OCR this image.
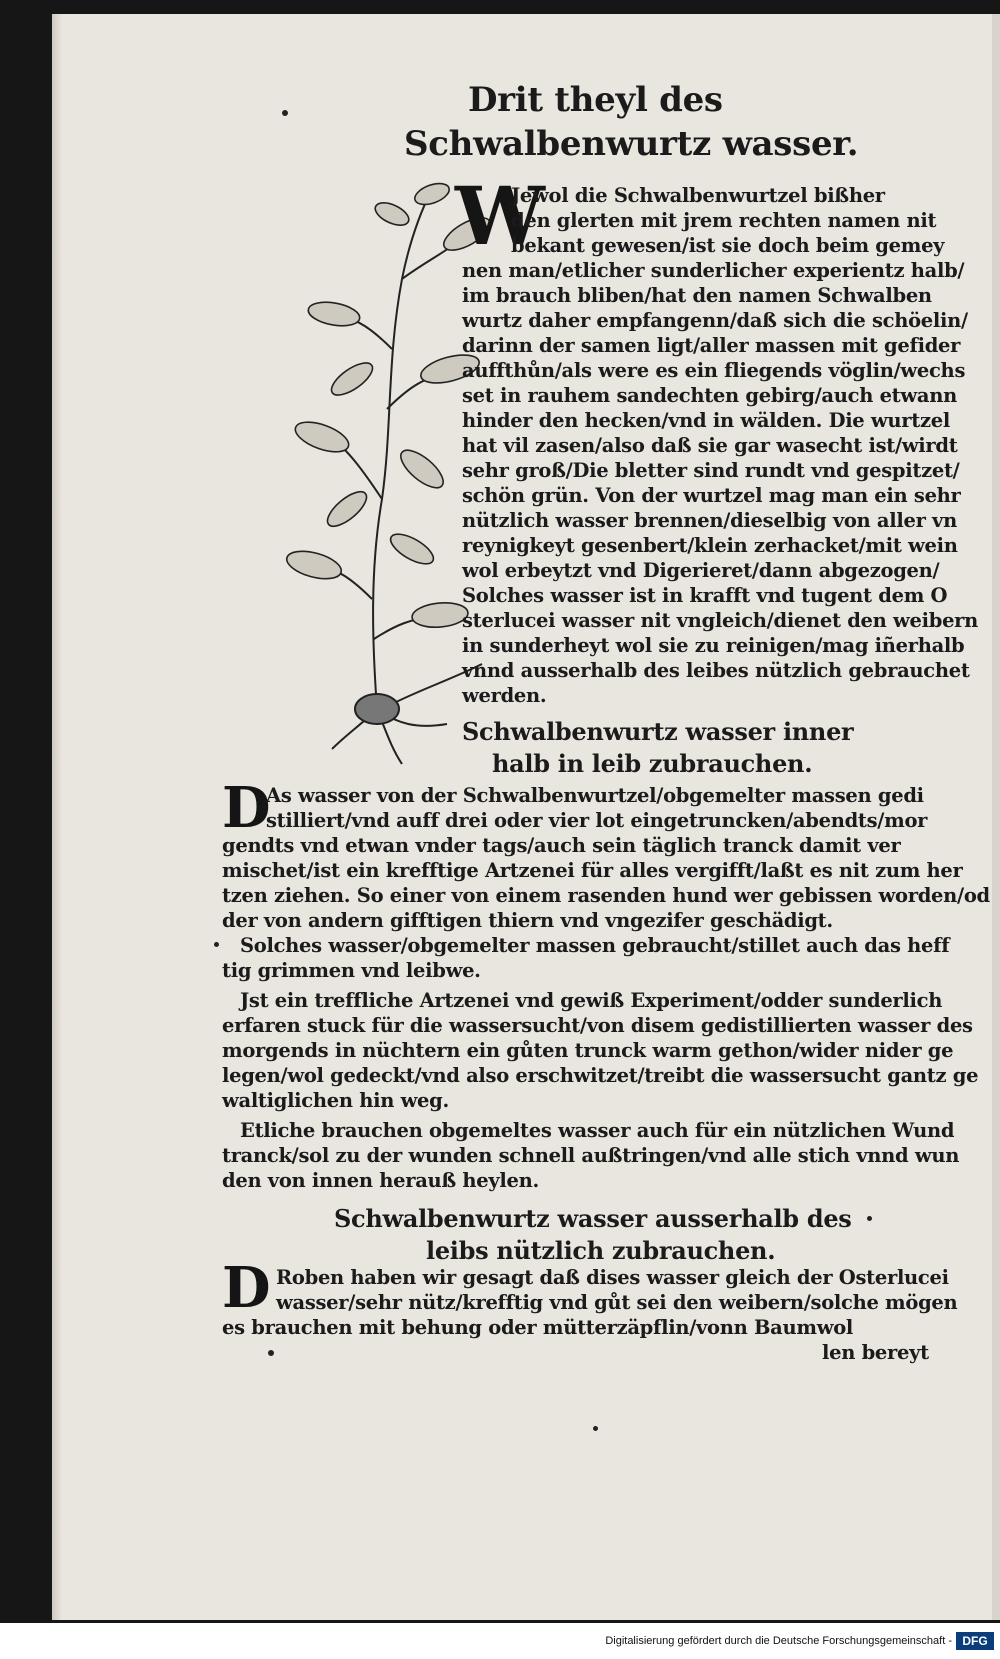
Drit theyl des
Schwalbenwurtz wasser.
W
Jewol die Schwalbenwurtzel bißher
den glerten mit jrem rechten namen nit
bekant gewesen/ist sie doch beim gemey
nen man/etlicher sunderlicher experientz halb/
im brauch bliben/hat den namen Schwalben
wurtz daher empfangenn/daß sich die schöelin/
darinn der samen ligt/aller massen mit gefider
auffthůn/als were es ein fliegends vöglin/wechs
set in rauhem sandechten gebirg/auch etwann
hinder den hecken/vnd in wälden. Die wurtzel
hat vil zasen/also daß sie gar wasecht ist/wirdt
sehr groß/Die bletter sind rundt vnd gespitzet/
schön grün. Von der wurtzel mag man ein sehr
nützlich wasser brennen/dieselbig von aller vn
reynigkeyt gesenbert/klein zerhacket/mit wein
wol erbeytzt vnd Digerieret/dann abgezogen/
Solches wasser ist in krafft vnd tugent dem O
sterlucei wasser nit vngleich/dienet den weibern
in sunderheyt wol sie zu reinigen/mag iñerhalb
vnnd ausserhalb des leibes nützlich gebrauchet
werden.
Schwalbenwurtz wasser inner
halb in leib zubrauchen.
D
As wasser von der Schwalbenwurtzel/obgemelter massen gedi
stilliert/vnd auff drei oder vier lot eingetruncken/abendts/mor
gendts vnd etwan vnder tags/auch sein täglich tranck damit ver
mischet/ist ein krefftige Artzenei für alles vergifft/laßt es nit zum her
tzen ziehen. So einer von einem rasenden hund wer gebissen worden/od
der von andern gifftigen thiern vnd vngezifer geschädigt.
Solches wasser/obgemelter massen gebraucht/stillet auch das heff
tig grimmen vnd leibwe.
Jst ein treffliche Artzenei vnd gewiß Experiment/odder sunderlich
erfaren stuck für die wassersucht/von disem gedistillierten wasser des
morgends in nüchtern ein gůten trunck warm gethon/wider nider ge
legen/wol gedeckt/vnd also erschwitzet/treibt die wassersucht gantz ge
waltiglichen hin weg.
Etliche brauchen obgemeltes wasser auch für ein nützlichen Wund
tranck/sol zu der wunden schnell außtringen/vnd alle stich vnnd wun
den von innen herauß heylen.
Schwalbenwurtz wasser ausserhalb des
leibs nützlich zubrauchen.
D Roben haben wir gesagt daß dises wasser gleich der Osterlucei
wasser/sehr nütz/krefftig vnd gůt sei den weibern/solche mögen
es brauchen mit behung oder mütterzäpflin/vonn Baumwol
len bereyt
Digitalisierung gefördert durch die Deutsche Forschungsgemeinschaft - DFG
